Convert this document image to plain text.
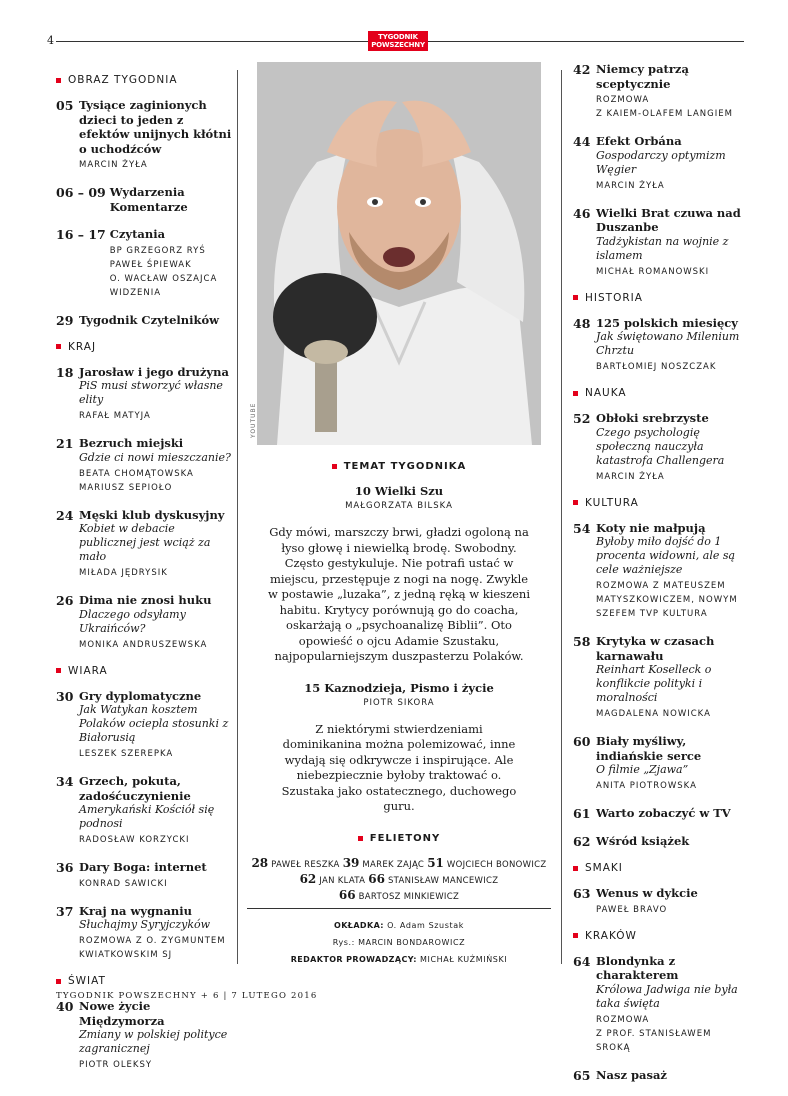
4	TYGODNIK
POWSZECHNY
OBRAZ TYGODNIA
05 Tysiące zaginionych dzieci to jeden z efektów unijnych kłótni o uchodźców
MARCIN ŻYŁA
06 – 09 Wydarzenia Komentarze
16 – 17 Czytania
BP GRZEGORZ RYŚ
PAWEŁ ŚPIEWAK
O. WACŁAW OSZAJCA
WIDZENIA
29 Tygodnik Czytelników
KRAJ
18 Jarosław i jego drużyna
PiS musi stworzyć własne elity
RAFAŁ MATYJA
21 Bezruch miejski
Gdzie ci nowi mieszczanie?
BEATA CHOMĄTOWSKA
MARIUSZ SEPIOŁO
24 Męski klub dyskusyjny
Kobiet w debacie publicznej jest wciąż za mało
MIŁADA JĘDRYSIK
26 Dima nie znosi huku
Dlaczego odsyłamy Ukraińców?
MONIKA ANDRUSZEWSKA
WIARA
30 Gry dyplomatyczne
Jak Watykan kosztem Polaków ocieplа stosunki z Białorusią
LESZEK SZEREPKA
34 Grzech, pokuta, zadośćuczynienie
Amerykański Kościół się podnosi
RADOSŁAW KORZYCKI
36 Dary Boga: internet
KONRAD SAWICKI
37 Kraj na wygnaniu
Słuchajmy Syryjczyków
ROZMOWA Z O. ZYGMUNTEM KWIATKOWSKIM SJ
ŚWIAT
40 Nowe życie Międzymorza
Zmiany w polskiej polityce zagranicznej
PIOTR OLEKSY
TEMAT TYGODNIKA
10 Wielki Szu
MAŁGORZATA BILSKA
Gdy mówi, marszczy brwi, gładzi ogoloną na łyso głowę i niewielką brodę. Swobodny. Często gestykuluje. Nie potrafi ustać w miejscu, przestępuje z nogi na nogę. Zwykle w postawie „luzaka”, z jedną ręką w kieszeni habitu. Krytycy porównują go do coacha, oskarżają o „psychoanalizę Biblii”. Oto opowieść o ojcu Adamie Szustaku, najpopularniejszym duszpasterzu Polaków.
15 Kaznodzieja, Pismo i życie
PIOTR SIKORA
Z niektórymi stwierdzeniami dominikanina można polemizować, inne wydają się odkrywcze i inspirujące. Ale niebezpiecznie byłoby traktować o. Szustaka jako ostatecznego, duchowego guru.
FELIETONY
28 PAWEŁ RESZKA 39 MAREK ZAJĄC 51 WOJCIECH BONOWICZ
62 JAN KLATA 66 STANISŁAW MANCEWICZ
66 BARTOSZ MINKIEWICZ
YOUTUBE
42 Niemcy patrzą sceptycznie
ROZMOWA
Z KAIEM-OLAFEM LANGIEM
44 Efekt Orbána
Gospodarczy optymizm Węgier
MARCIN ŻYŁA
46 Wielki Brat czuwa nad Duszanbe
Tadżykistan na wojnie z islamem
MICHAŁ ROMANOWSKI
HISTORIA
48 125 polskich miesięcy
Jak świętowano Milenium Chrztu
BARTŁOMIEJ NOSZCZAK
NAUKA
52 Obłoki srebrzyste
Czego psychologię społeczną nauczyła katastrofa Challengera
MARCIN ŻYŁA
KULTURA
54 Koty nie małpują
Byłoby miło dojść do 1 procenta widowni, ale są cele ważniejsze
ROZMOWA Z MATEUSZEM MATYSZKOWICZEM, NOWYM SZEFEM TVP KULTURA
58 Krytyka w czasach karnawału
Reinhart Koselleck o konflikcie polityki i moralności
MAGDALENA NOWICKA
60 Biały myśliwy, indiańskie serce
O filmie „Zjawa”
ANITA PIOTROWSKA
61 Warto zobaczyć w TV
62 Wśród książek
SMAKI
63 Wenus w dykcie
PAWEŁ BRAVO
KRAKÓW
64 Blondynka z charakterem
Królowa Jadwiga nie była taka święta
ROZMOWA
Z PROF. STANISŁAWEM SROKĄ
65 Nasz pasaż
OKŁADKA: O. Adam Szustak
Rys.: MARCIN BONDAROWICZ
REDAKTOR PROWADZĄCY: MICHAŁ KUŹMIŃSKI
TYGODNIK POWSZECHNY + 6 | 7 LUTEGO 2016
